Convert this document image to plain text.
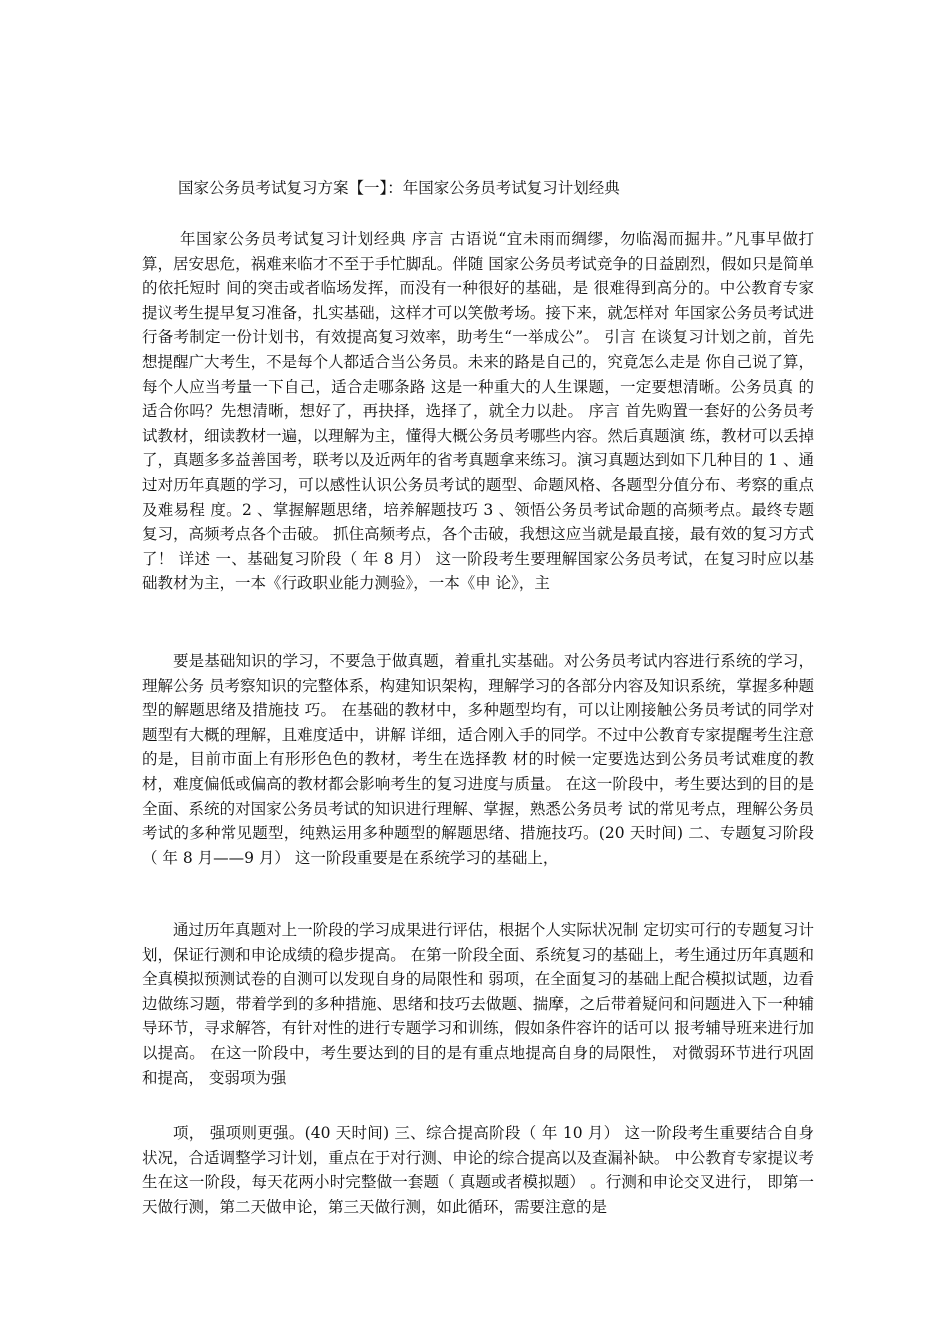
国家公务员考试复习方案【一】：年国家公务员考试复习计划经典

年国家公务员考试复习计划经典 序言 古语说“宜未雨而绸缪，勿临渴而掘井。”凡事早做打算，居安思危，祸难来临才不至于手忙脚乱。伴随 国家公务员考试竞争的日益剧烈，假如只是简单的依托短时 间的突击或者临场发挥，而没有一种很好的基础，是 很难得到高分的。中公教育专家提议考生提早复习准备，扎实基础，这样才可以笑傲考场。接下来，就怎样对 年国家公务员考试进行备考制定一份计划书，有效提高复习效率，助考生“一举成公”。 引言 在谈复习计划之前，首先想提醒广大考生，不是每个人都适合当公务员。未来的路是自己的，究竟怎么走是 你自己说了算，每个人应当考量一下自己，适合走哪条路 这是一种重大的人生课题，一定要想清晰。公务员真 的适合你吗？先想清晰，想好了，再抉择，选择了，就全力以赴。 序言 首先购置一套好的公务员考试教材，细读教材一遍，以理解为主，懂得大概公务员考哪些内容。然后真题演 练，教材可以丢掉了，真题多多益善国考，联考以及近两年的省考真题拿来练习。演习真题达到如下几种目的 1 、通过对历年真题的学习，可以感性认识公务员考试的题型、命题风格、各题型分值分布、考察的重点及难易程 度。2 、掌握解题思绪，培养解题技巧 3 、领悟公务员考试命题的高频考点。最终专题复习，高频考点各个击破。 抓住高频考点，各个击破，我想这应当就是最直接，最有效的复习方式了！ 详述 一、基础复习阶段（ 年 8 月） 这一阶段考生要理解国家公务员考试，在复习时应以基础教材为主，一本《行政职业能力测验》，一本《申 论》，主

要是基础知识的学习，不要急于做真题，着重扎实基础。对公务员考试内容进行系统的学习，理解公务 员考察知识的完整体系，构建知识架构，理解学习的各部分内容及知识系统，掌握多种题型的解题思绪及措施技 巧。 在基础的教材中，多种题型均有，可以让刚接触公务员考试的同学对题型有大概的理解，且难度适中，讲解 详细，适合刚入手的同学。不过中公教育专家提醒考生注意的是，目前市面上有形形色色的教材，考生在选择教 材的时候一定要选达到公务员考试难度的教材，难度偏低或偏高的教材都会影响考生的复习进度与质量。 在这一阶段中，考生要达到的目的是全面、系统的对国家公务员考试的知识进行理解、掌握，熟悉公务员考 试的常见考点，理解公务员考试的多种常见题型，纯熟运用多种题型的解题思绪、措施技巧。(20 天时间) 二、专题复习阶段（ 年 8 月——9 月） 这一阶段重要是在系统学习的基础上，

通过历年真题对上一阶段的学习成果进行评估，根据个人实际状况制 定切实可行的专题复习计划，保证行测和申论成绩的稳步提高。 在第一阶段全面、系统复习的基础上，考生通过历年真题和全真模拟预测试卷的自测可以发现自身的局限性和 弱项，在全面复习的基础上配合模拟试题，边看边做练习题，带着学到的多种措施、思绪和技巧去做题、揣摩，之后带着疑问和问题进入下一种辅导环节，寻求解答，有针对性的进行专题学习和训练，假如条件容许的话可以 报考辅导班来进行加以提高。 在这一阶段中，考生要达到的目的是有重点地提高自身的局限性， 对微弱环节进行巩固和提高， 变弱项为强

项， 强项则更强。(40 天时间) 三、综合提高阶段（ 年 10 月） 这一阶段考生重要结合自身状况，合适调整学习计划，重点在于对行测、申论的综合提高以及查漏补缺。 中公教育专家提议考生在这一阶段，每天花两小时完整做一套题（ 真题或者模拟题） 。行测和申论交叉进行， 即第一天做行测，第二天做申论，第三天做行测，如此循环，需要注意的是
